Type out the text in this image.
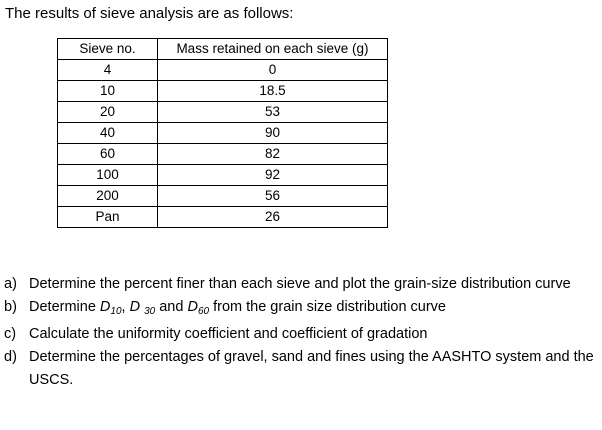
The results of sieve analysis are as follows:

Sieve no.	Mass retained on each sieve (g)
4	0
10	18.5
20	53
40	90
60	82
100	92
200	56
Pan	26
a) Determine the percent finer than each sieve and plot the grain-size distribution curve
b) Determine $D_{10}$, D $_{30}$ and $D_{60}$ from the grain size distribution curve
c) Calculate the uniformity coefficient and coefficient of gradation
d) Determine the percentages of gravel, sand and fines using the AASHTO system and the USCS.
